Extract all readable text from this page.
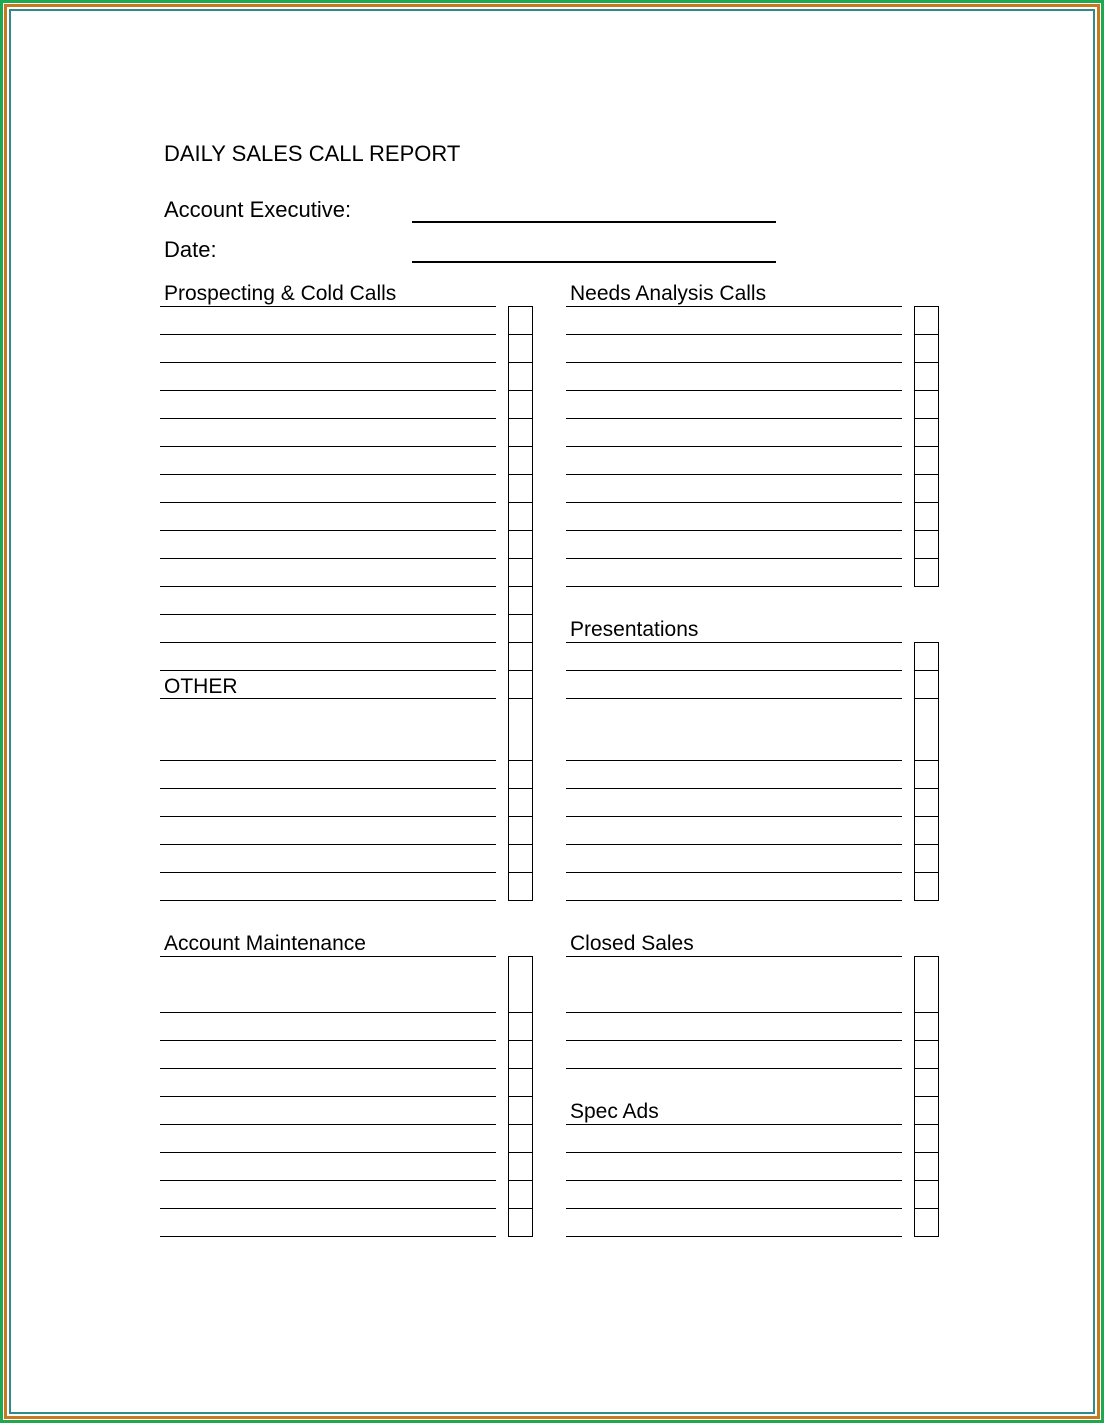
DAILY SALES CALL REPORT
Account Executive:
Date:
Prospecting & Cold Calls	Needs Analysis Calls
Presentations
OTHER
Account Maintenance	Closed Sales
Spec Ads
